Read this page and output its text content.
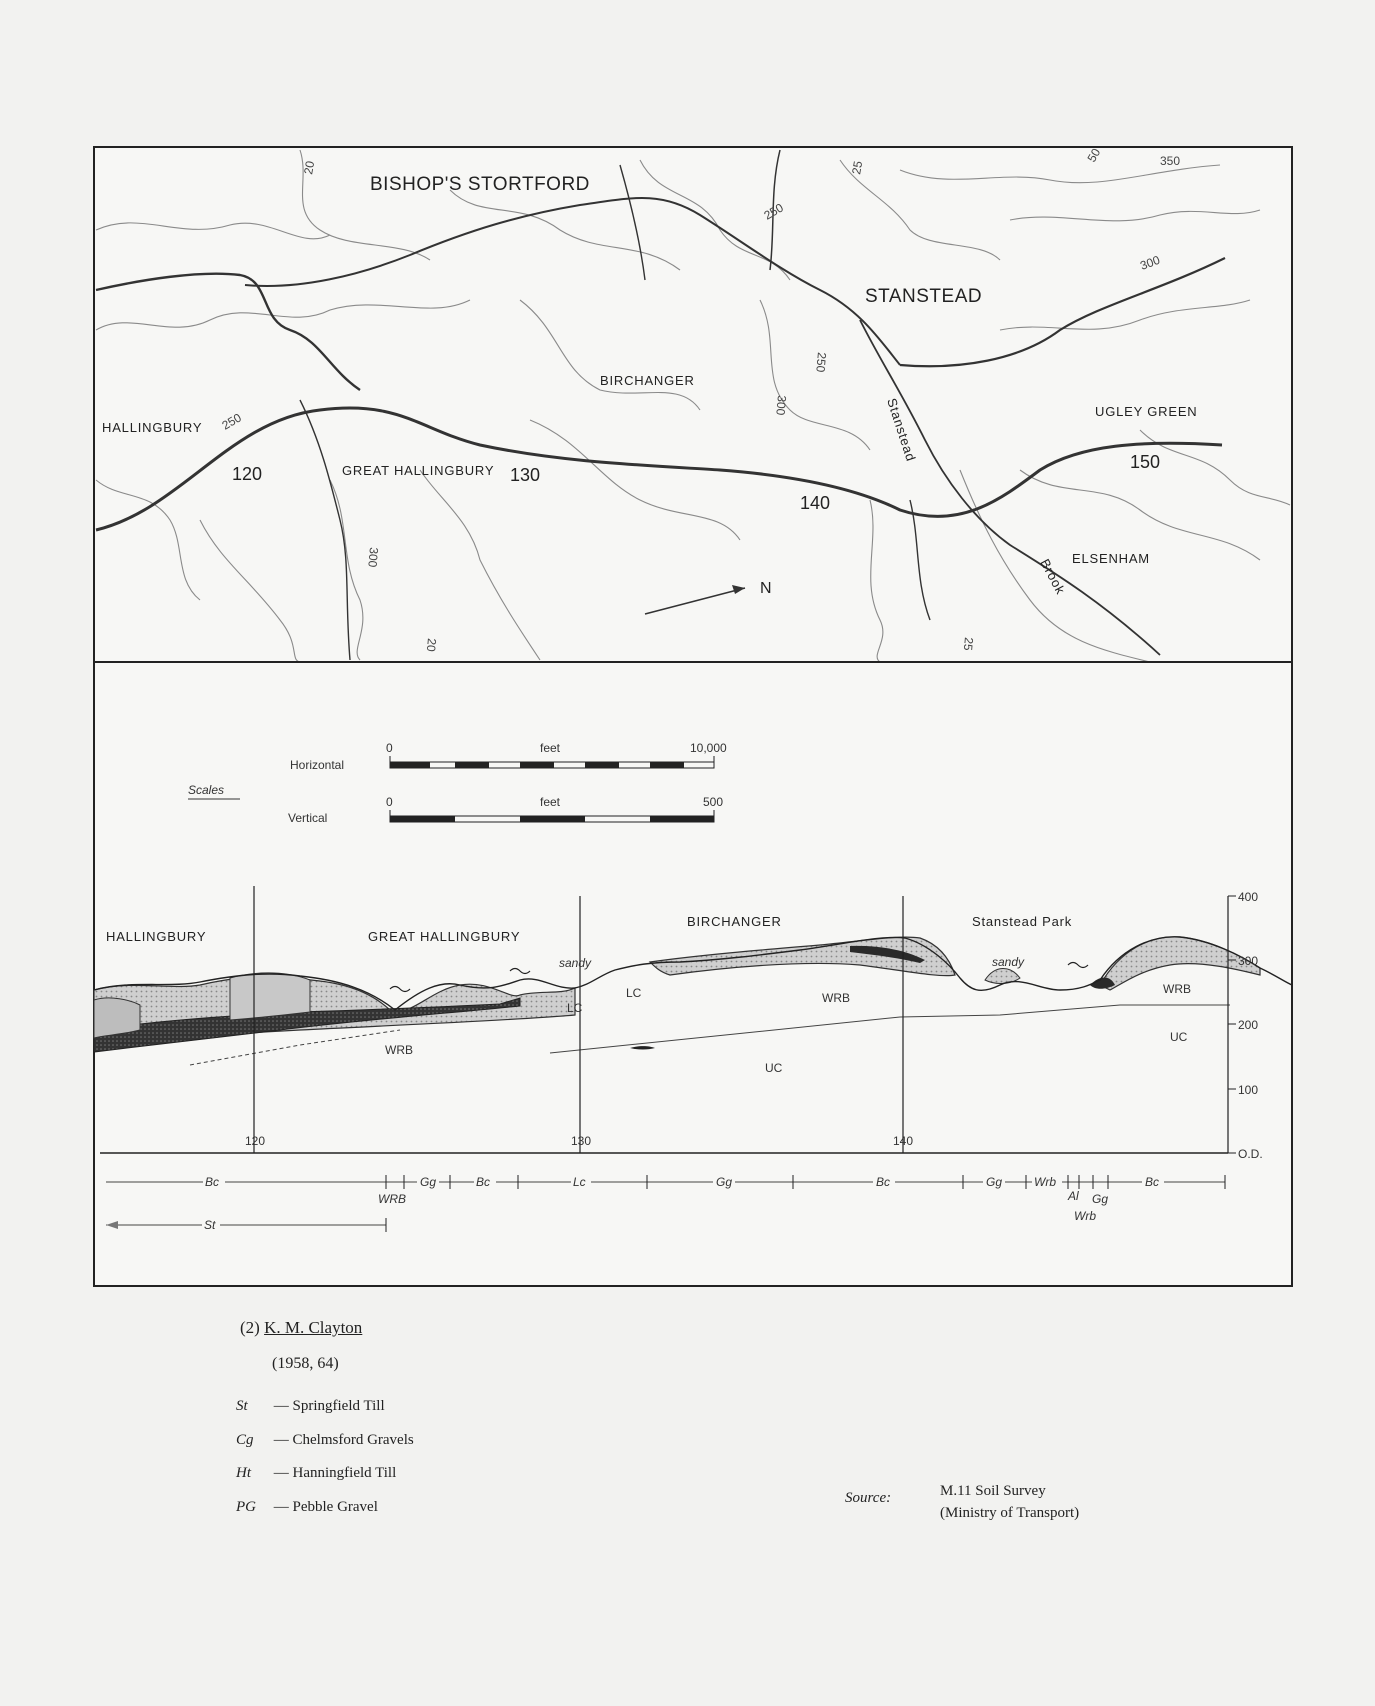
N
BISHOP'S STORTFORD
STANSTEAD
BIRCHANGER
HALLINGBURY
GREAT HALLINGBURY
UGLEY GREEN
ELSENHAM
Stanstead
Brook
20	25
50	350
250
300
250
300
250
300
20	25
120	130
140
150
Scales
Horizontal
0	feet	10,000
Vertical
0	feet	500
400
300
200
100
O.D.
120	130	140
HALLINGBURY	GREAT HALLINGBURY
BIRCHANGER	Stanstead Park
sandy	sandy
WRB
LC
LC	WRB
UC
WRB
UC
Bc	Gg	Bc	Lc	Gg	Bc	Gg	Wrb	Bc
WRB	Al Gg
Wrb
St
(2) K. M. Clayton
(1958, 64)
St — Springfield Till
Cg — Chelmsford Gravels
Ht — Hanningfield Till
PG — Pebble Gravel
Source:	M.11 Soil Survey
(Ministry of Transport)
